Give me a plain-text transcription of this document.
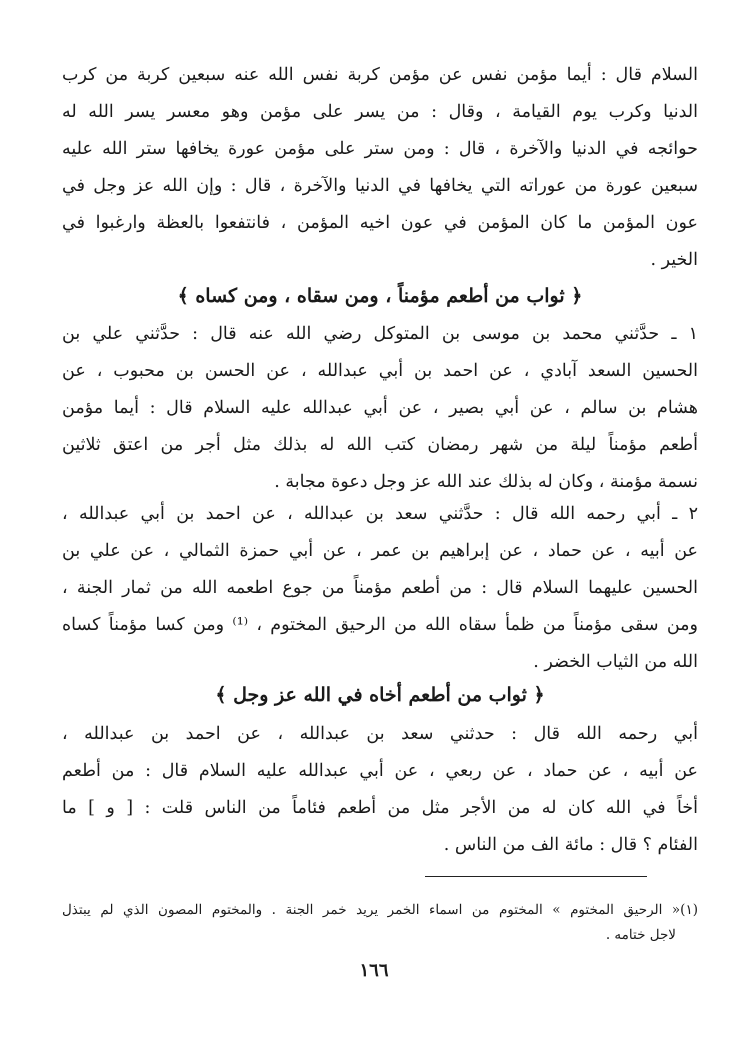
السلام قال : أيما مؤمن نفس عن مؤمن كربة نفس الله عنه سبعين كربة من كرب
الدنيا وكرب يوم القيامة ، وقال : من يسر على مؤمن وهو معسر يسر الله له
حوائجه في الدنيا والآخرة ، قال : ومن ستر على مؤمن عورة يخافها ستر الله عليه
سبعين عورة من عوراته التي يخافها في الدنيا والآخرة ، قال : وإن الله عز وجل في
عون المؤمن ما كان المؤمن في عون اخيه المؤمن ، فانتفعوا بالعظة وارغبوا في
الخير .
﴿ ثواب من أطعم مؤمناً ، ومن سقاه ، ومن كساه ﴾
١ ـ حدَّثني محمد بن موسى بن المتوكل رضي الله عنه قال : حدَّثني علي بن
الحسين السعد آبادي ، عن احمد بن أبي عبدالله ، عن الحسن بن محبوب ، عن
هشام بن سالم ، عن أبي بصير ، عن أبي عبدالله عليه السلام قال : أيما مؤمن
أطعم مؤمناً ليلة من شهر رمضان كتب الله له بذلك مثل أجر من اعتق ثلاثين
نسمة مؤمنة ، وكان له بذلك عند الله عز وجل دعوة مجابة .
٢ ـ أبي رحمه الله قال : حدَّثني سعد بن عبدالله ، عن احمد بن أبي عبدالله ،
عن أبيه ، عن حماد ، عن إبراهيم بن عمر ، عن أبي حمزة الثمالي ، عن علي بن
الحسين عليهما السلام قال : من أطعم مؤمناً من جوع اطعمه الله من ثمار الجنة ،
ومن سقى مؤمناً من ظمأ سقاه الله من الرحيق المختوم ، ⁽¹⁾ ومن كسا مؤمناً كساه
الله من الثياب الخضر .
﴿ ثواب من أطعم أخاه في الله عز وجل ﴾
أبي رحمه الله قال : حدثني سعد بن عبدالله ، عن احمد بن عبدالله ،
عن أبيه ، عن حماد ، عن ربعي ، عن أبي عبدالله عليه السلام قال : من أطعم
أخاً في الله كان له من الأجر مثل من أطعم فئاماً من الناس قلت : [ و ] ما
الفئام ؟ قال : مائة الف من الناس .
(١)« الرحيق المختوم » المختوم من اسماء الخمر يريد خمر الجنة . والمختوم المصون الذي لم يبتذل
لاجل ختامه .
١٦٦
